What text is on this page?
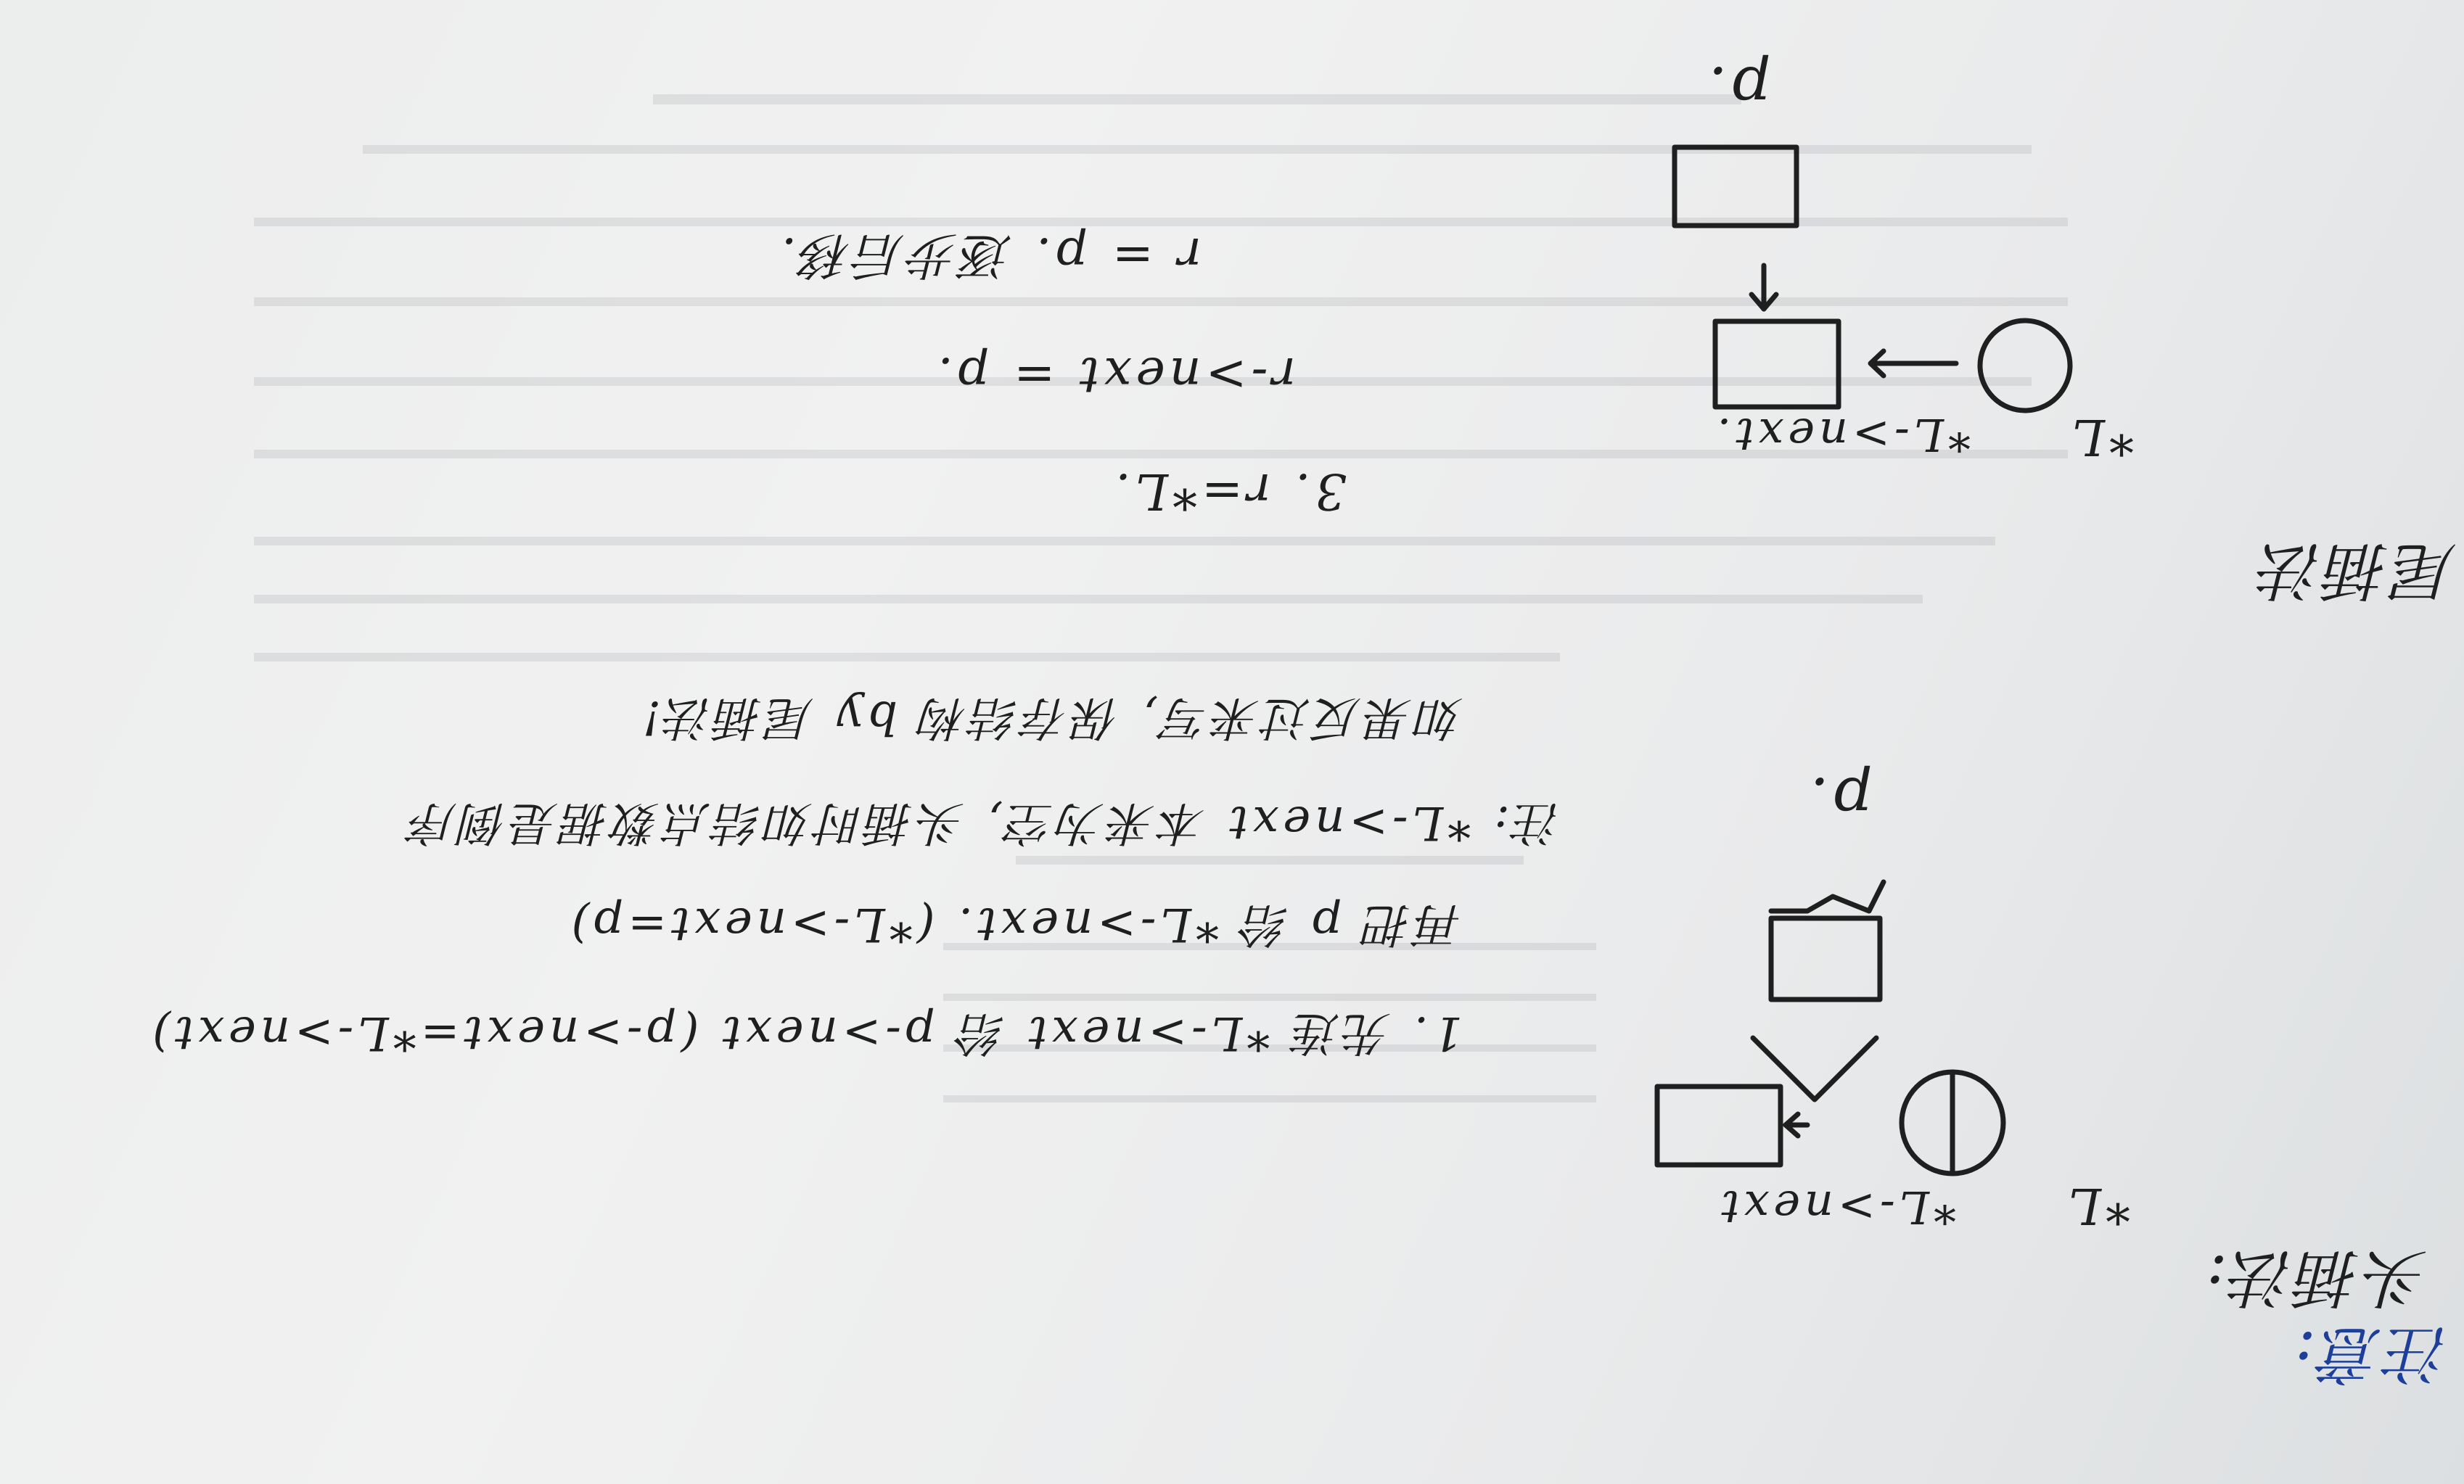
注意:
头插法:
*L
*L->next
p.
1. 先连 *L->next 给 p->next (p->next=*L->next)
再把 p 给 *L->next. (*L->next=p)
注: *L->next 本来为空, 头插时如结点数据是倒序
如果反过来写, 保存结构 by 尾插法!
尾插法
*L
*L->next.
p.
3. r=*L.
r->next = p.
r = p. 逐步后移.
